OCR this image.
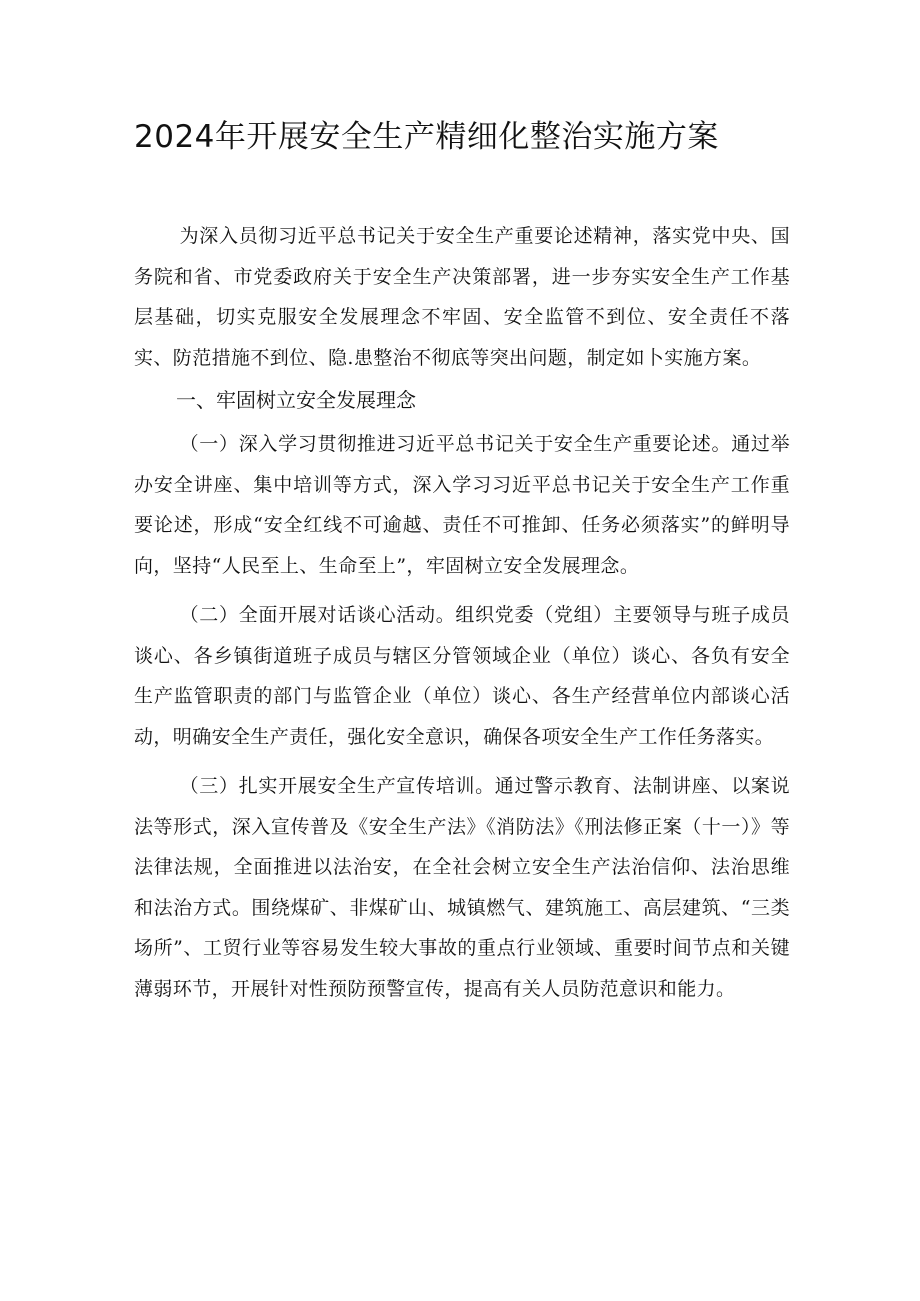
2024年开展安全生产精细化整治实施方案

为深入员彻习近平总书记关于安全生产重要论述精神，落实党中央、国务院和省、市党委政府关于安全生产决策部署，进一步夯实安全生产工作基层基础，切实克服安全发展理念不牢固、安全监管不到位、安全责任不落实、防范措施不到位、隐.患整治不彻底等突出问题，制定如卜实施方案。

一、牢固树立安全发展理念

（一）深入学习贯彻推进习近平总书记关于安全生产重要论述。通过举办安全讲座、集中培训等方式，深入学习习近平总书记关于安全生产工作重要论述，形成“安全红线不可逾越、责任不可推卸、任务必须落实”的鲜明导向，坚持“人民至上、生命至上”，牢固树立安全发展理念。

（二）全面开展对话谈心活动。组织党委（党组）主要领导与班子成员谈心、各乡镇街道班子成员与辖区分管领域企业（单位）谈心、各负有安全生产监管职责的部门与监管企业（单位）谈心、各生产经营单位内部谈心活动，明确安全生产责任，强化安全意识，确保各项安全生产工作任务落实。

（三）扎实开展安全生产宣传培训。通过警示教育、法制讲座、以案说法等形式，深入宣传普及《安全生产法》《消防法》《刑法修正案（十一）》等法律法规，全面推进以法治安，在全社会树立安全生产法治信仰、法治思维和法治方式。围绕煤矿、非煤矿山、城镇燃气、建筑施工、高层建筑、“三类场所”、工贸行业等容易发生较大事故的重点行业领域、重要时间节点和关键薄弱环节，开展针对性预防预警宣传，提高有关人员防范意识和能力。
